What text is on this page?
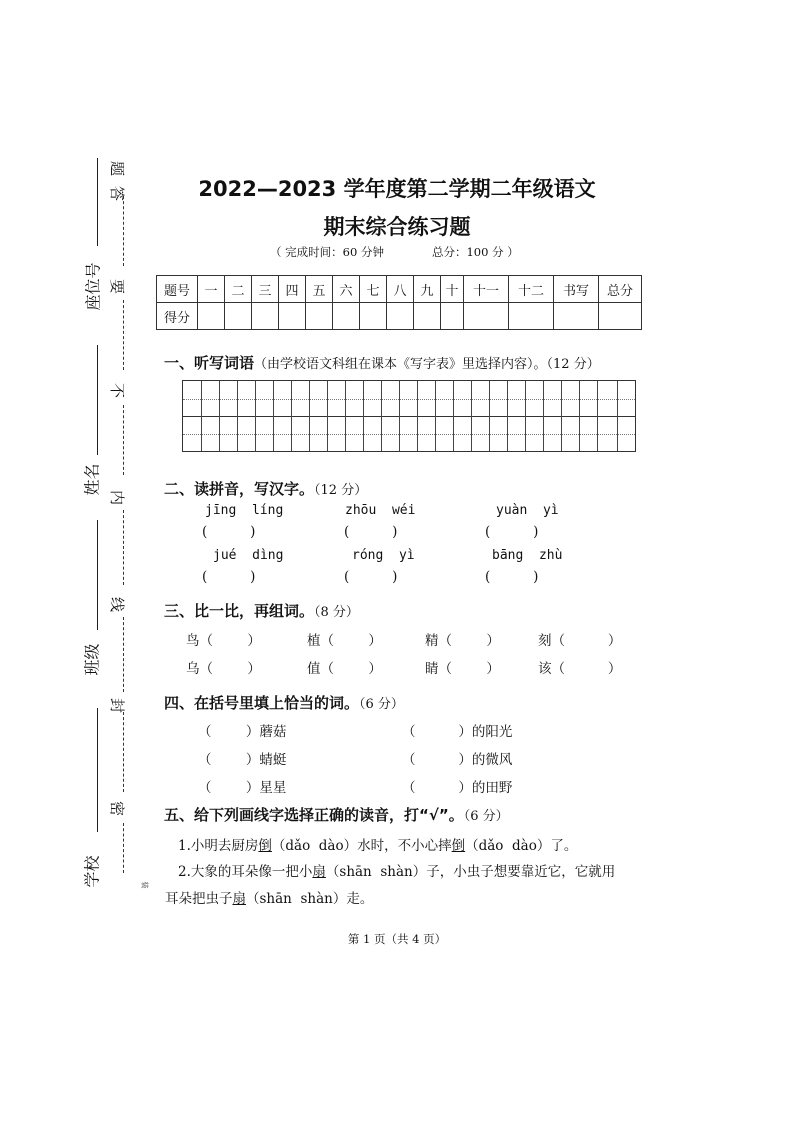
座位号
姓名
班级
学校
答
题
要
不
内
线
封
密
装
2022—2023 学年度第二学期二年级语文
期末综合练习题
（ 完成时间：60 分钟	总分：100 分 ）
题号	一	二	三	四	五	六	七	八	九	十	十一	十二	书写	总分
得分														
一、听写词语（由学校语文科组在课本《写字表》里选择内容）。（12 分）
二、读拼音，写汉字。（12 分）
jīng  líng	zhōu  wéi	yuàn  yì
(          )	(          )	(          )
jué  dìng	róng  yì	bāng  zhù
(          )	(          )	(          )
三、比一比，再组词。（8 分）
鸟（        ）	植（        ）	精（        ）	刻（          ）
乌（        ）	值（        ）	睛（        ）	该（          ）
四、在括号里填上恰当的词。（6 分）
（        ）蘑菇	（          ）的阳光
（        ）蜻蜓	（          ）的微风
（        ）星星	（          ）的田野
五、给下列画线字选择正确的读音，打“√”。（6 分）
1.小明去厨房倒（dǎo  dào）水时，不小心摔倒（dǎo  dào）了。
2.大象的耳朵像一把小扇（shān  shàn）子，小虫子想要靠近它，它就用
耳朵把虫子扇（shān  shàn）走。
第 1 页（共 4 页）
